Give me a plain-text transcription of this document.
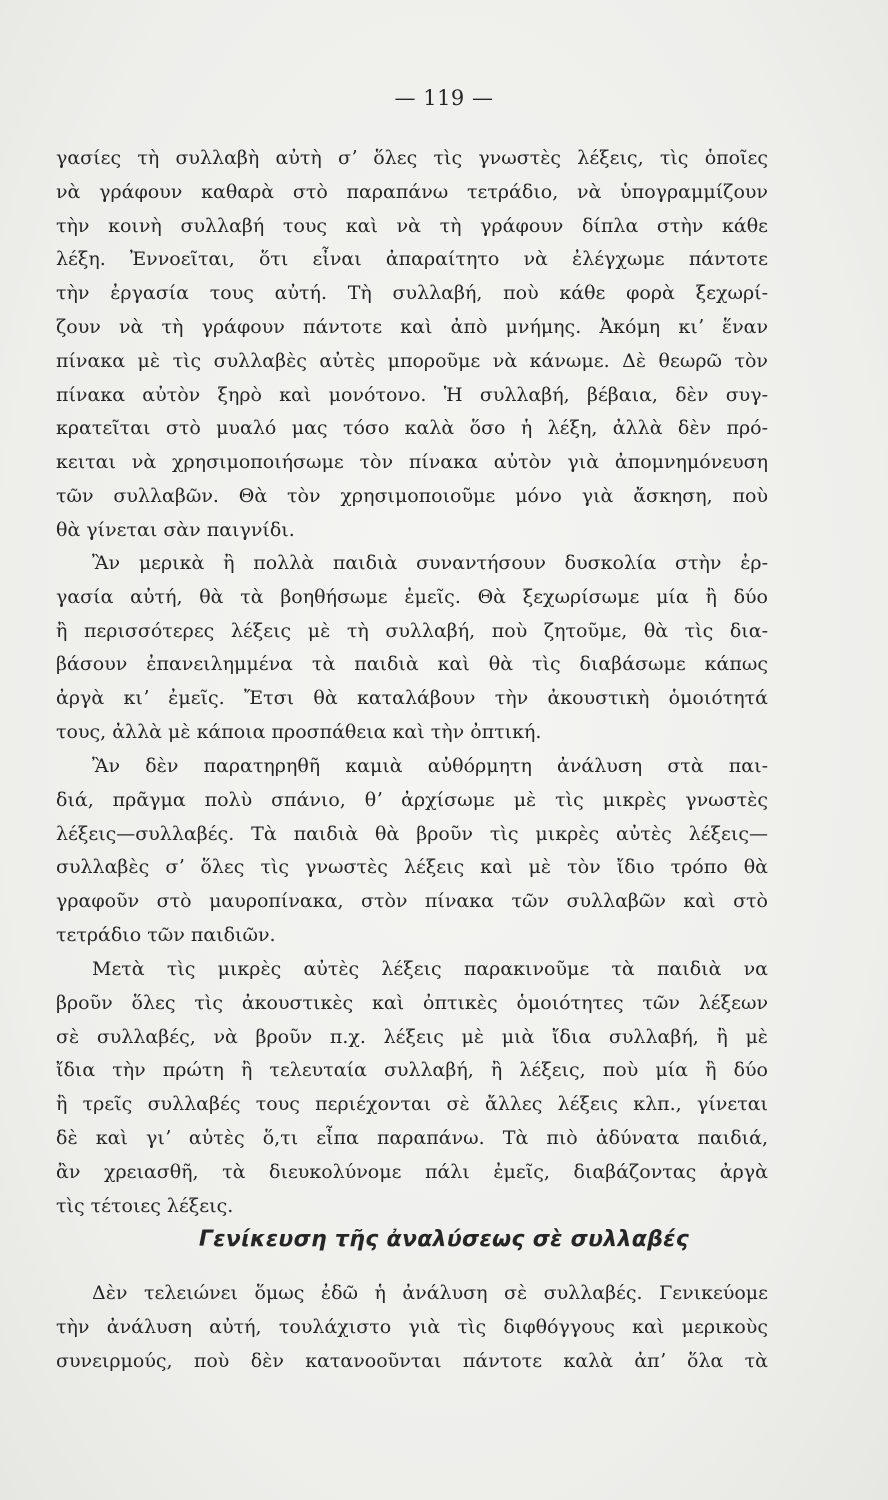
— 119 —
γασίες τὴ συλλαβὴ αὐτὴ σʼ ὅλες τὶς γνωστὲς λέξεις, τὶς ὁποῖες
νὰ γράφουν καθαρὰ στὸ παραπάνω τετράδιο, νὰ ὑπογραμμίζουν
τὴν κοινὴ συλλαβή τους καὶ νὰ τὴ γράφουν δίπλα στὴν κάθε
λέξη. Ἐννοεῖται, ὅτι εἶναι ἀπαραίτητο νὰ ἐλέγχωμε πάντοτε
τὴν ἐργασία τους αὐτή. Τὴ συλλαβή, ποὺ κάθε φορὰ ξεχωρί-
ζουν νὰ τὴ γράφουν πάντοτε καὶ ἀπὸ μνήμης. Ἀκόμη κιʼ ἕναν
πίνακα μὲ τὶς συλλαβὲς αὐτὲς μποροῦμε νὰ κάνωμε. Δὲ θεωρῶ τὸν
πίνακα αὐτὸν ξηρὸ καὶ μονότονο. Ἡ συλλαβή, βέβαια, δὲν συγ-
κρατεῖται στὸ μυαλό μας τόσο καλὰ ὅσο ἡ λέξη, ἀλλὰ δὲν πρό-
κειται νὰ χρησιμοποιήσωμε τὸν πίνακα αὐτὸν γιὰ ἀπομνημόνευση
τῶν συλλαβῶν. Θὰ τὸν χρησιμοποιοῦμε μόνο γιὰ ἄσκηση, ποὺ
θὰ γίνεται σὰν παιγνίδι.
Ἂν μερικὰ ἢ πολλὰ παιδιὰ συναντήσουν δυσκολία στὴν ἐρ-
γασία αὐτή, θὰ τὰ βοηθήσωμε ἐμεῖς. Θὰ ξεχωρίσωμε μία ἢ δύο
ἢ περισσότερες λέξεις μὲ τὴ συλλαβή, ποὺ ζητοῦμε, θὰ τὶς δια-
βάσουν ἐπανειλημμένα τὰ παιδιὰ καὶ θὰ τὶς διαβάσωμε κάπως
ἀργὰ κιʼ ἐμεῖς. Ἔτσι θὰ καταλάβουν τὴν ἀκουστικὴ ὁμοιότητά
τους, ἀλλὰ μὲ κάποια προσπάθεια καὶ τὴν ὀπτική.
Ἂν δὲν παρατηρηθῆ καμιὰ αὐθόρμητη ἀνάλυση στὰ παι-
διά, πρᾶγμα πολὺ σπάνιο, θʼ ἀρχίσωμε μὲ τὶς μικρὲς γνωστὲς
λέξεις—συλλαβές. Τὰ παιδιὰ θὰ βροῦν τὶς μικρὲς αὐτὲς λέξεις—
συλλαβὲς σʼ ὅλες τὶς γνωστὲς λέξεις καὶ μὲ τὸν ἴδιο τρόπο θὰ
γραφοῦν στὸ μαυροπίνακα, στὸν πίνακα τῶν συλλαβῶν καὶ στὸ
τετράδιο τῶν παιδιῶν.
Μετὰ τὶς μικρὲς αὐτὲς λέξεις παρακινοῦμε τὰ παιδιὰ να
βροῦν ὅλες τὶς ἀκουστικὲς καὶ ὀπτικὲς ὁμοιότητες τῶν λέξεων
σὲ συλλαβές, νὰ βροῦν π.χ. λέξεις μὲ μιὰ ἴδια συλλαβή, ἢ μὲ
ἴδια τὴν πρώτη ἢ τελευταία συλλαβή, ἢ λέξεις, ποὺ μία ἢ δύο
ἢ τρεῖς συλλαβές τους περιέχονται σὲ ἄλλες λέξεις κλπ., γίνεται
δὲ καὶ γιʼ αὐτὲς ὅ,τι εἶπα παραπάνω. Τὰ πιὸ ἀδύνατα παιδιά,
ἂν χρειασθῆ, τὰ διευκολύνομε πάλι ἐμεῖς, διαβάζοντας ἀργὰ
τὶς τέτοιες λέξεις.
Γενίκευση τῆς ἀναλύσεως σὲ συλλαβές
Δὲν τελειώνει ὅμως ἐδῶ ἡ ἀνάλυση σὲ συλλαβές. Γενικεύομε
τὴν ἀνάλυση αὐτή, τουλάχιστο γιὰ τὶς διφθόγγους καὶ μερικοὺς
συνειρμούς, ποὺ δὲν κατανοοῦνται πάντοτε καλὰ ἀπʼ ὅλα τὰ
